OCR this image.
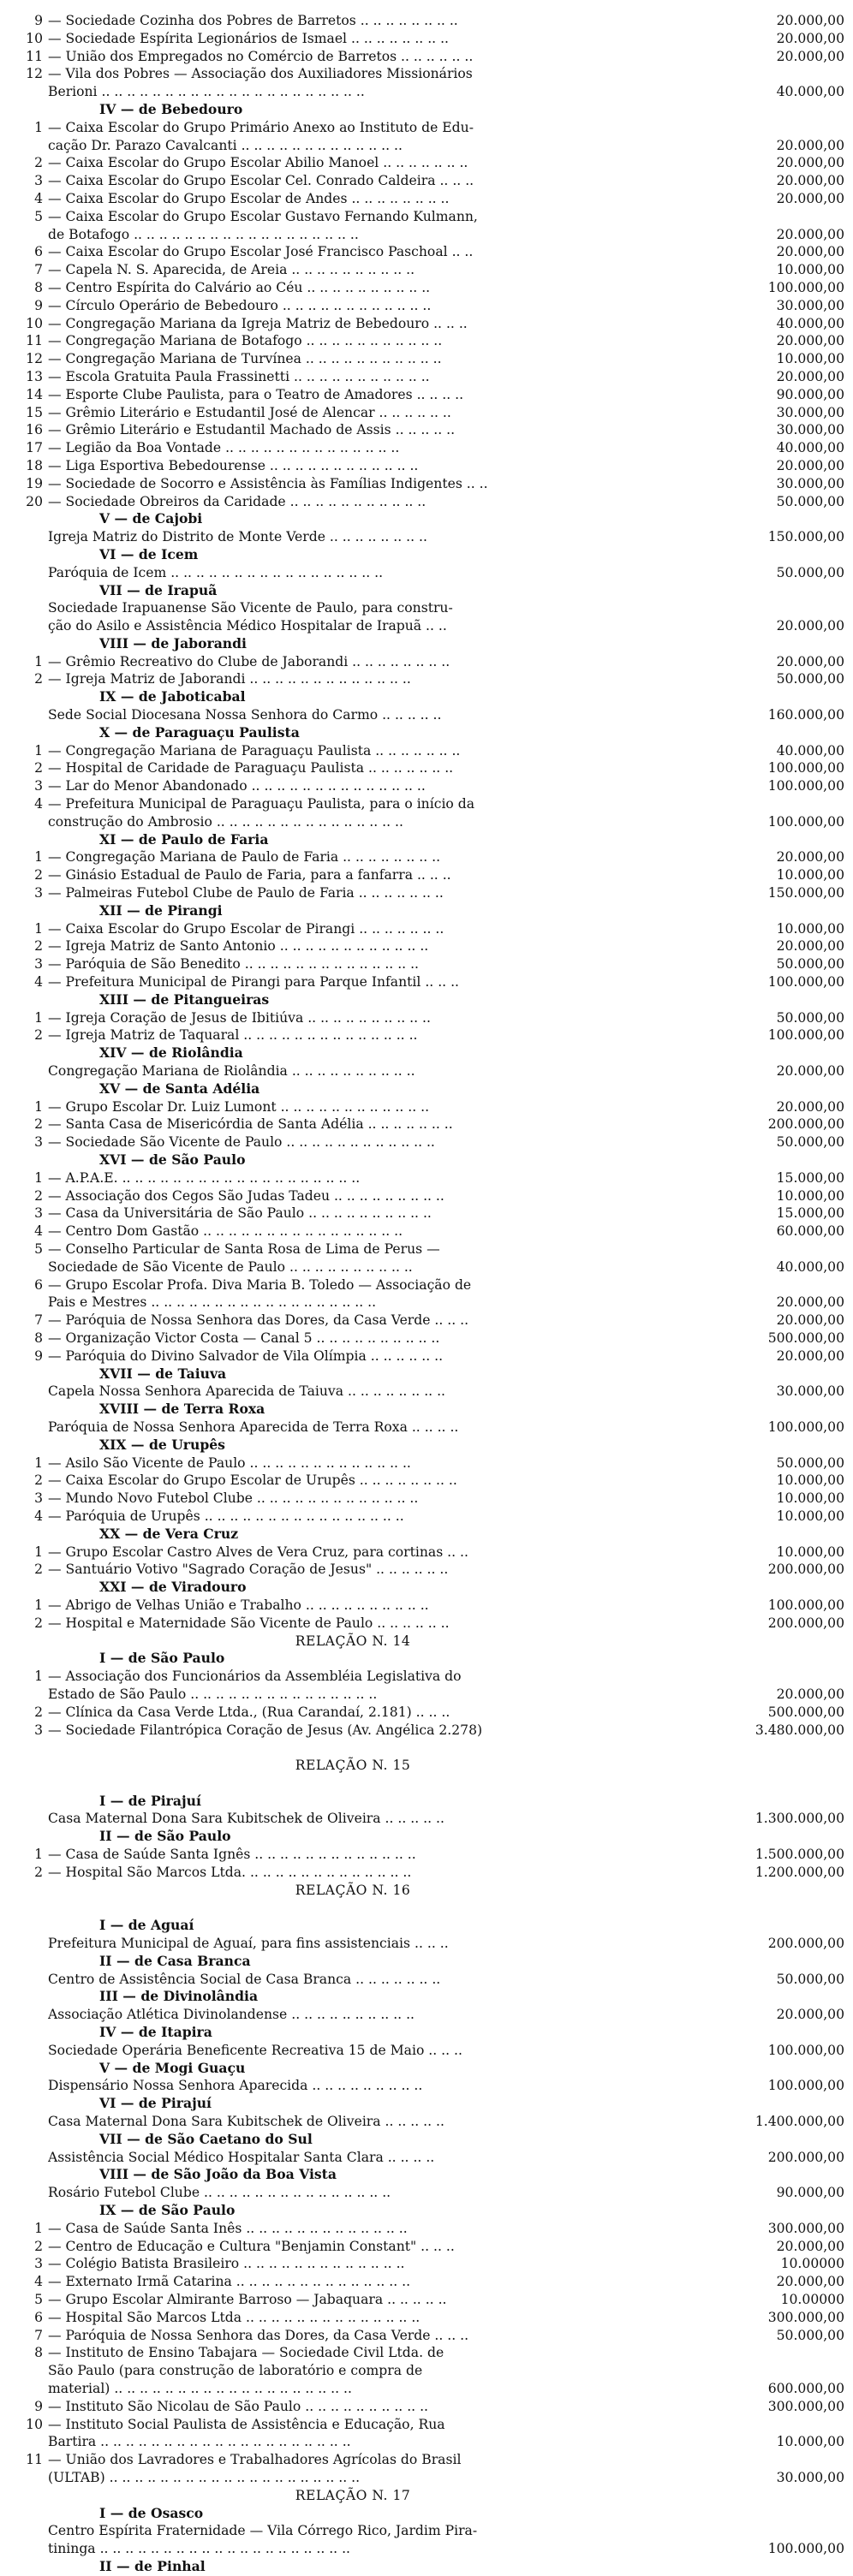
9 — Sociedade Cozinha dos Pobres de Barretos .. .. .. .. .. .. .. ..	20.000,00
10 — Sociedade Espírita Legionários de Ismael .. .. .. .. .. .. .. ..	20.000,00
11 — União dos Empregados no Comércio de Barretos .. .. .. .. .. ..	20.000,00
12 — Vila dos Pobres — Associação dos Auxiliadores Missionários
Berioni .. .. .. .. .. .. .. .. .. .. .. .. .. .. .. .. .. .. .. .. ..	40.000,00
IV — de Bebedouro
1 — Caixa Escolar do Grupo Primário Anexo ao Instituto de Edu-
cação Dr. Parazo Cavalcanti .. .. .. .. .. .. .. .. .. .. .. .. ..	20.000,00
2 — Caixa Escolar do Grupo Escolar Abilio Manoel .. .. .. .. .. .. ..	20.000,00
3 — Caixa Escolar do Grupo Escolar Cel. Conrado Caldeira .. .. ..	20.000,00
4 — Caixa Escolar do Grupo Escolar de Andes .. .. .. .. .. .. .. ..	20.000,00
5 — Caixa Escolar do Grupo Escolar Gustavo Fernando Kulmann,
de Botafogo .. .. .. .. .. .. .. .. .. .. .. .. .. .. .. .. .. ..	20.000,00
6 — Caixa Escolar do Grupo Escolar José Francisco Paschoal .. ..	20.000,00
7 — Capela N. S. Aparecida, de Areia .. .. .. .. .. .. .. .. .. ..	10.000,00
8 — Centro Espírita do Calvário ao Céu .. .. .. .. .. .. .. .. .. ..	100.000,00
9 — Círculo Operário de Bebedouro .. .. .. .. .. .. .. .. .. .. .. ..	30.000,00
10 — Congregação Mariana da Igreja Matriz de Bebedouro .. .. ..	40.000,00
11 — Congregação Mariana de Botafogo .. .. .. .. .. .. .. .. .. .. ..	20.000,00
12 — Congregação Mariana de Turvínea .. .. .. .. .. .. .. .. .. .. ..	10.000,00
13 — Escola Gratuita Paula Frassinetti .. .. .. .. .. .. .. .. .. .. ..	20.000,00
14 — Esporte Clube Paulista, para o Teatro de Amadores .. .. .. ..	90.000,00
15 — Grêmio Literário e Estudantil José de Alencar .. .. .. .. .. ..	30.000,00
16 — Grêmio Literário e Estudantil Machado de Assis .. .. .. .. ..	30.000,00
17 — Legião da Boa Vontade .. .. .. .. .. .. .. .. .. .. .. .. .. ..	40.000,00
18 — Liga Esportiva Bebedourense .. .. .. .. .. .. .. .. .. .. .. ..	20.000,00
19 — Sociedade de Socorro e Assistência às Famílias Indigentes .. ..	30.000,00
20 — Sociedade Obreiros da Caridade .. .. .. .. .. .. .. .. .. .. ..	50.000,00
V — de Cajobi
Igreja Matriz do Distrito de Monte Verde .. .. .. .. .. .. .. ..	150.000,00
VI — de Icem
Paróquia de Icem .. .. .. .. .. .. .. .. .. .. .. .. .. .. .. .. ..	50.000,00
VII — de Irapuã
Sociedade Irapuanense São Vicente de Paulo, para constru-
ção do Asilo e Assistência Médico Hospitalar de Irapuã .. ..	20.000,00
VIII — de Jaborandi
1 — Grêmio Recreativo do Clube de Jaborandi .. .. .. .. .. .. .. ..	20.000,00
2 — Igreja Matriz de Jaborandi .. .. .. .. .. .. .. .. .. .. .. .. ..	50.000,00
IX — de Jaboticabal
Sede Social Diocesana Nossa Senhora do Carmo .. .. .. .. ..	160.000,00
X — de Paraguaçu Paulista
1 — Congregação Mariana de Paraguaçu Paulista .. .. .. .. .. .. ..	40.000,00
2 — Hospital de Caridade de Paraguaçu Paulista .. .. .. .. .. .. ..	100.000,00
3 — Lar do Menor Abandonado .. .. .. .. .. .. .. .. .. .. .. .. .. ..	100.000,00
4 — Prefeitura Municipal de Paraguaçu Paulista, para o início da
construção do Ambrosio .. .. .. .. .. .. .. .. .. .. .. .. .. .. ..	100.000,00
XI — de Paulo de Faria
1 — Congregação Mariana de Paulo de Faria .. .. .. .. .. .. .. ..	20.000,00
2 — Ginásio Estadual de Paulo de Faria, para a fanfarra .. .. ..	10.000,00
3 — Palmeiras Futebol Clube de Paulo de Faria .. .. .. .. .. .. ..	150.000,00
XII — de Pirangi
1 — Caixa Escolar do Grupo Escolar de Pirangi .. .. .. .. .. .. ..	10.000,00
2 — Igreja Matriz de Santo Antonio .. .. .. .. .. .. .. .. .. .. .. ..	20.000,00
3 — Paróquia de São Benedito .. .. .. .. .. .. .. .. .. .. .. .. .. ..	50.000,00
4 — Prefeitura Municipal de Pirangi para Parque Infantil .. .. ..	100.000,00
XIII — de Pitangueiras
1 — Igreja Coração de Jesus de Ibitiúva .. .. .. .. .. .. .. .. .. ..	50.000,00
2 — Igreja Matriz de Taquaral .. .. .. .. .. .. .. .. .. .. .. .. .. ..	100.000,00
XIV — de Riolândia
Congregação Mariana de Riolândia .. .. .. .. .. .. .. .. .. ..	20.000,00
XV — de Santa Adélia
1 — Grupo Escolar Dr. Luiz Lumont .. .. .. .. .. .. .. .. .. .. .. ..	20.000,00
2 — Santa Casa de Misericórdia de Santa Adélia .. .. .. .. .. .. ..	200.000,00
3 — Sociedade São Vicente de Paulo .. .. .. .. .. .. .. .. .. .. .. ..	50.000,00
XVI — de São Paulo
1 — A.P.A.E. .. .. .. .. .. .. .. .. .. .. .. .. .. .. .. .. .. .. ..	15.000,00
2 — Associação dos Cegos São Judas Tadeu .. .. .. .. .. .. .. .. ..	10.000,00
3 — Casa da Universitária de São Paulo .. .. .. .. .. .. .. .. .. ..	15.000,00
4 — Centro Dom Gastão .. .. .. .. .. .. .. .. .. .. .. .. .. .. .. ..	60.000,00
5 — Conselho Particular de Santa Rosa de Lima de Perus —
Sociedade de São Vicente de Paulo .. .. .. .. .. .. .. .. .. ..	40.000,00
6 — Grupo Escolar Profa. Diva Maria B. Toledo — Associação de
Pais e Mestres .. .. .. .. .. .. .. .. .. .. .. .. .. .. .. .. .. ..	20.000,00
7 — Paróquia de Nossa Senhora das Dores, da Casa Verde .. .. ..	20.000,00
8 — Organização Victor Costa — Canal 5 .. .. .. .. .. .. .. .. .. ..	500.000,00
9 — Paróquia do Divino Salvador de Vila Olímpia .. .. .. .. .. ..	20.000,00
XVII — de Taiuva
Capela Nossa Senhora Aparecida de Taiuva .. .. .. .. .. .. .. ..	30.000,00
XVIII — de Terra Roxa
Paróquia de Nossa Senhora Aparecida de Terra Roxa .. .. .. ..	100.000,00
XIX — de Urupês
1 — Asilo São Vicente de Paulo .. .. .. .. .. .. .. .. .. .. .. .. ..	50.000,00
2 — Caixa Escolar do Grupo Escolar de Urupês .. .. .. .. .. .. .. ..	10.000,00
3 — Mundo Novo Futebol Clube .. .. .. .. .. .. .. .. .. .. .. .. ..	10.000,00
4 — Paróquia de Urupês .. .. .. .. .. .. .. .. .. .. .. .. .. .. .. ..	10.000,00
XX — de Vera Cruz
1 — Grupo Escolar Castro Alves de Vera Cruz, para cortinas .. ..	10.000,00
2 — Santuário Votivo "Sagrado Coração de Jesus" .. .. .. .. .. ..	200.000,00
XXI — de Viradouro
1 — Abrigo de Velhas União e Trabalho .. .. .. .. .. .. .. .. .. ..	100.000,00
2 — Hospital e Maternidade São Vicente de Paulo .. .. .. .. .. ..	200.000,00
RELAÇÃO N. 14
I — de São Paulo
1 — Associação dos Funcionários da Assembléia Legislativa do
Estado de São Paulo .. .. .. .. .. .. .. .. .. .. .. .. .. .. ..	20.000,00
2 — Clínica da Casa Verde Ltda., (Rua Carandaí, 2.181) .. .. ..	500.000,00
3 — Sociedade Filantrópica Coração de Jesus (Av. Angélica 2.278)	3.480.000,00
RELAÇÃO N. 15
I — de Pirajuí
Casa Maternal Dona Sara Kubitschek de Oliveira .. .. .. .. ..	1.300.000,00
II — de São Paulo
1 — Casa de Saúde Santa Ignês .. .. .. .. .. .. .. .. .. .. .. .. ..	1.500.000,00
2 — Hospital São Marcos Ltda. .. .. .. .. .. .. .. .. .. .. .. .. ..	1.200.000,00
RELAÇÃO N. 16
I — de Aguaí
Prefeitura Municipal de Aguaí, para fins assistenciais .. .. ..	200.000,00
II — de Casa Branca
Centro de Assistência Social de Casa Branca .. .. .. .. .. .. ..	50.000,00
III — de Divinolândia
Associação Atlética Divinolandense .. .. .. .. .. .. .. .. .. ..	20.000,00
IV — de Itapira
Sociedade Operária Beneficente Recreativa 15 de Maio .. .. ..	100.000,00
V — de Mogi Guaçu
Dispensário Nossa Senhora Aparecida .. .. .. .. .. .. .. .. ..	100.000,00
VI — de Pirajuí
Casa Maternal Dona Sara Kubitschek de Oliveira .. .. .. .. ..	1.400.000,00
VII — de São Caetano do Sul
Assistência Social Médico Hospitalar Santa Clara .. .. .. ..	200.000,00
VIII — de São João da Boa Vista
Rosário Futebol Clube .. .. .. .. .. .. .. .. .. .. .. .. .. .. ..	90.000,00
IX — de São Paulo
1 — Casa de Saúde Santa Inês .. .. .. .. .. .. .. .. .. .. .. .. ..	300.000,00
2 — Centro de Educação e Cultura "Benjamin Constant" .. .. ..	20.000,00
3 — Colégio Batista Brasileiro .. .. .. .. .. .. .. .. .. .. .. .. ..	10.00000
4 — Externato Irmã Catarina .. .. .. .. .. .. .. .. .. .. .. .. .. ..	20.000,00
5 — Grupo Escolar Almirante Barroso — Jabaquara .. .. .. .. ..	10.00000
6 — Hospital São Marcos Ltda .. .. .. .. .. .. .. .. .. .. .. .. .. ..	300.000,00
7 — Paróquia de Nossa Senhora das Dores, da Casa Verde .. .. ..	50.000,00
8 — Instituto de Ensino Tabajara — Sociedade Civil Ltda. de
São Paulo (para construção de laboratório e compra de
material) .. .. .. .. .. .. .. .. .. .. .. .. .. .. .. .. .. .. ..	600.000,00
9 — Instituto São Nicolau de São Paulo .. .. .. .. .. .. .. .. .. ..	300.000,00
10 — Instituto Social Paulista de Assistência e Educação, Rua
Bartira .. .. .. .. .. .. .. .. .. .. .. .. .. .. .. .. .. .. .. ..	10.000,00
11 — União dos Lavradores e Trabalhadores Agrícolas do Brasil
(ULTAB) .. .. .. .. .. .. .. .. .. .. .. .. .. .. .. .. .. .. .. ..	30.000,00
RELAÇÃO N. 17
I — de Osasco
Centro Espírita Fraternidade — Vila Córrego Rico, Jardim Pira-
tininga .. .. .. .. .. .. .. .. .. .. .. .. .. .. .. .. .. .. .. ..	100.000,00
II — de Pinhal
